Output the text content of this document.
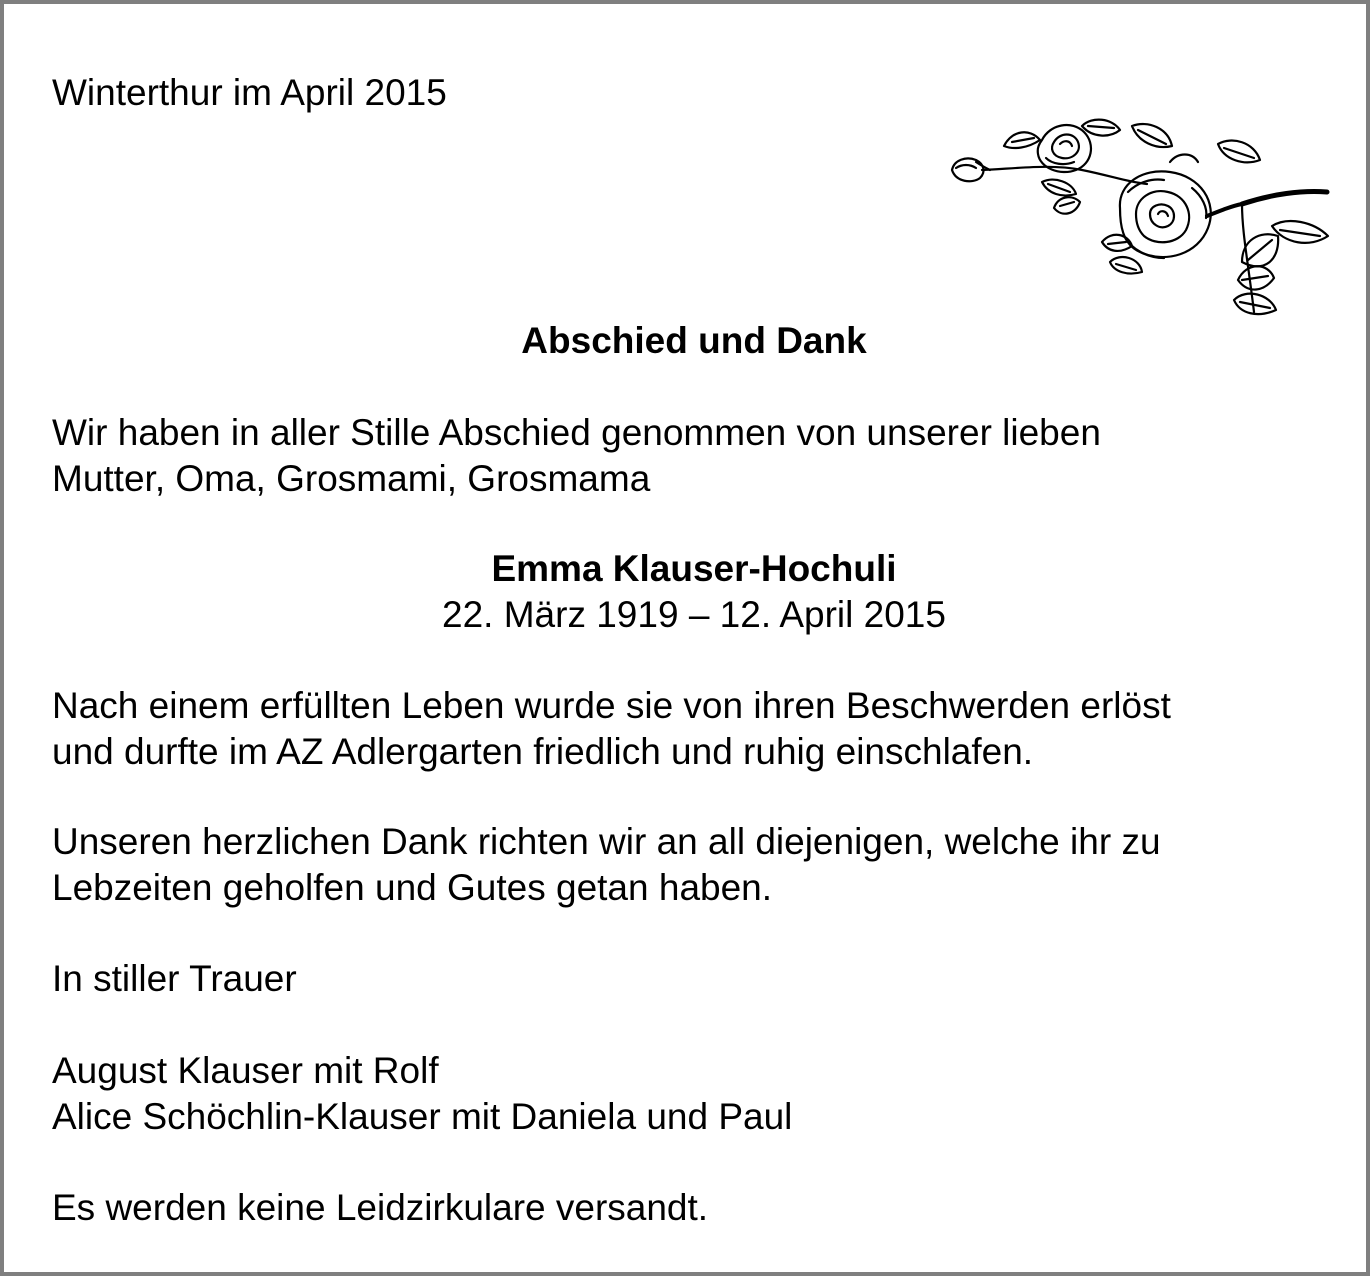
Winterthur im April 2015
Abschied und Dank
Wir haben in aller Stille Abschied genommen von unserer lieben
Mutter, Oma, Grosmami, Grosmama
Emma Klauser-Hochuli
22. März 1919 – 12. April 2015
Nach einem erfüllten Leben wurde sie von ihren Beschwerden erlöst
und durfte im AZ Adlergarten friedlich und ruhig einschlafen.
Unseren herzlichen Dank richten wir an all diejenigen, welche ihr zu
Lebzeiten geholfen und Gutes getan haben.
In stiller Trauer
August Klauser mit Rolf
Alice Schöchlin-Klauser mit Daniela und Paul
Es werden keine Leidzirkulare versandt.
